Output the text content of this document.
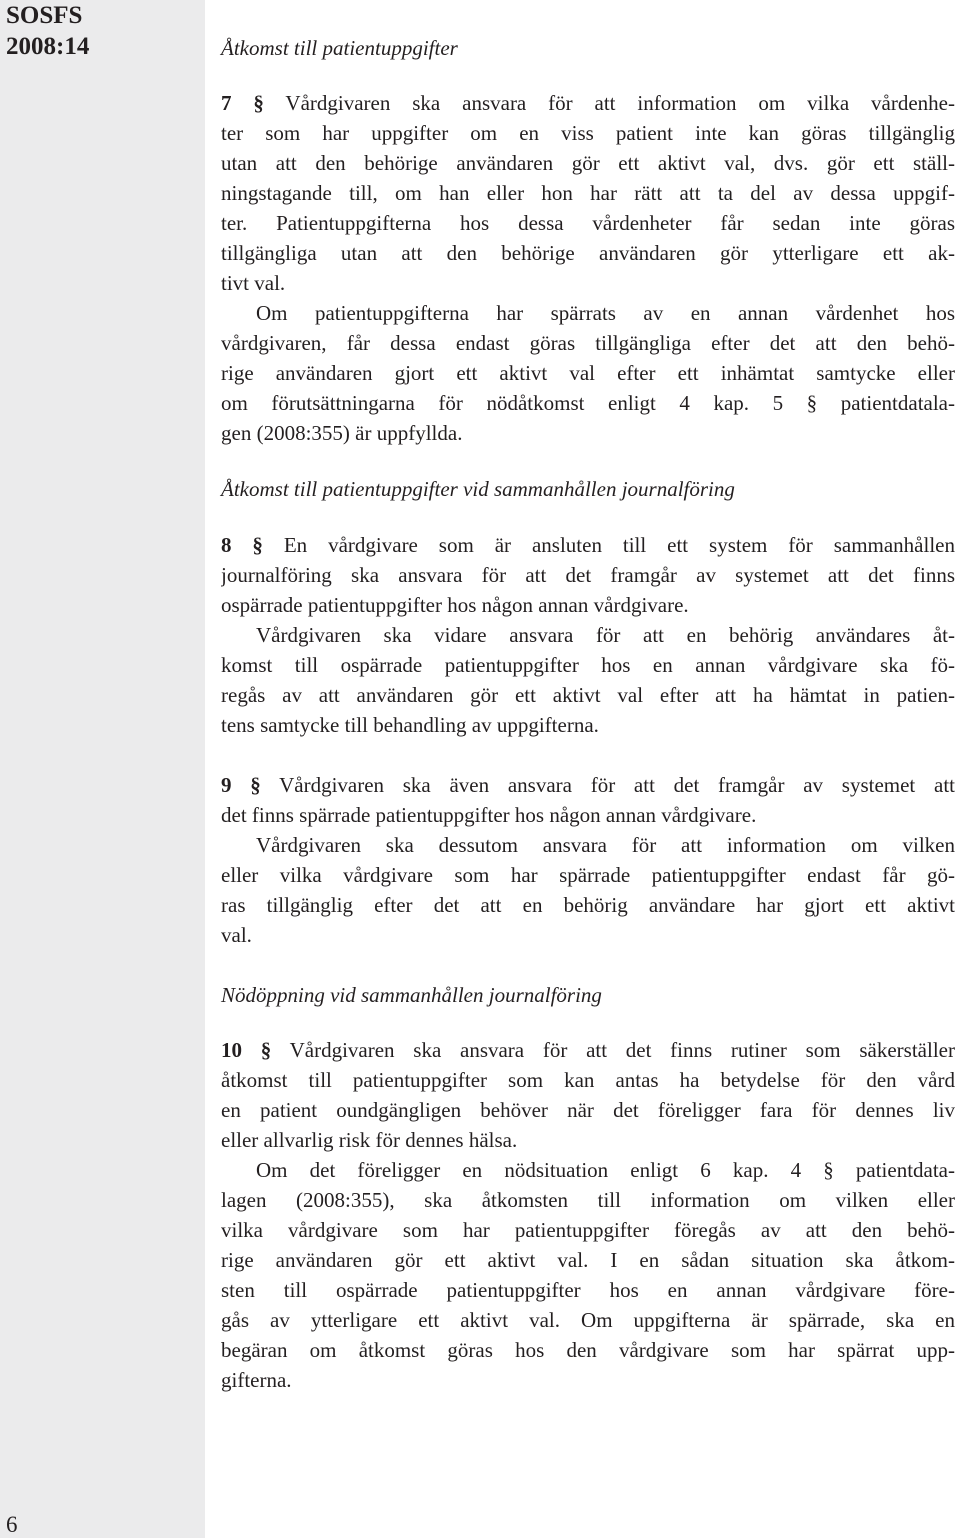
SOSFS
2008:14
6
Åtkomst till patientuppgifter
7 § Vårdgivaren ska ansvara för att information om vilka vårdenhe-
ter som har uppgifter om en viss patient inte kan göras tillgänglig
utan att den behörige användaren gör ett aktivt val, dvs. gör ett ställ-
ningstagande till, om han eller hon har rätt att ta del av dessa uppgif-
ter. Patientuppgifterna hos dessa vårdenheter får sedan inte göras
tillgängliga utan att den behörige användaren gör ytterligare ett ak-
tivt val.
Om patientuppgifterna har spärrats av en annan vårdenhet hos
vårdgivaren, får dessa endast göras tillgängliga efter det att den behö-
rige användaren gjort ett aktivt val efter ett inhämtat samtycke eller
om förutsättningarna för nödåtkomst enligt 4 kap. 5 § patientdatala-
gen (2008:355) är uppfyllda.
Åtkomst till patientuppgifter vid sammanhållen journalföring
8 § En vårdgivare som är ansluten till ett system för sammanhållen
journalföring ska ansvara för att det framgår av systemet att det finns
ospärrade patientuppgifter hos någon annan vårdgivare.
Vårdgivaren ska vidare ansvara för att en behörig användares åt-
komst till ospärrade patientuppgifter hos en annan vårdgivare ska fö-
regås av att användaren gör ett aktivt val efter att ha hämtat in patien-
tens samtycke till behandling av uppgifterna.
9 § Vårdgivaren ska även ansvara för att det framgår av systemet att
det finns spärrade patientuppgifter hos någon annan vårdgivare.
Vårdgivaren ska dessutom ansvara för att information om vilken
eller vilka vårdgivare som har spärrade patientuppgifter endast får gö-
ras tillgänglig efter det att en behörig användare har gjort ett aktivt
val.
Nödöppning vid sammanhållen journalföring
10 § Vårdgivaren ska ansvara för att det finns rutiner som säkerställer
åtkomst till patientuppgifter som kan antas ha betydelse för den vård
en patient oundgängligen behöver när det föreligger fara för dennes liv
eller allvarlig risk för dennes hälsa.
Om det föreligger en nödsituation enligt 6 kap. 4 § patientdata-
lagen (2008:355), ska åtkomsten till information om vilken eller
vilka vårdgivare som har patientuppgifter föregås av att den behö-
rige användaren gör ett aktivt val. I en sådan situation ska åtkom-
sten till ospärrade patientuppgifter hos en annan vårdgivare före-
gås av ytterligare ett aktivt val. Om uppgifterna är spärrade, ska en
begäran om åtkomst göras hos den vårdgivare som har spärrat upp-
gifterna.
